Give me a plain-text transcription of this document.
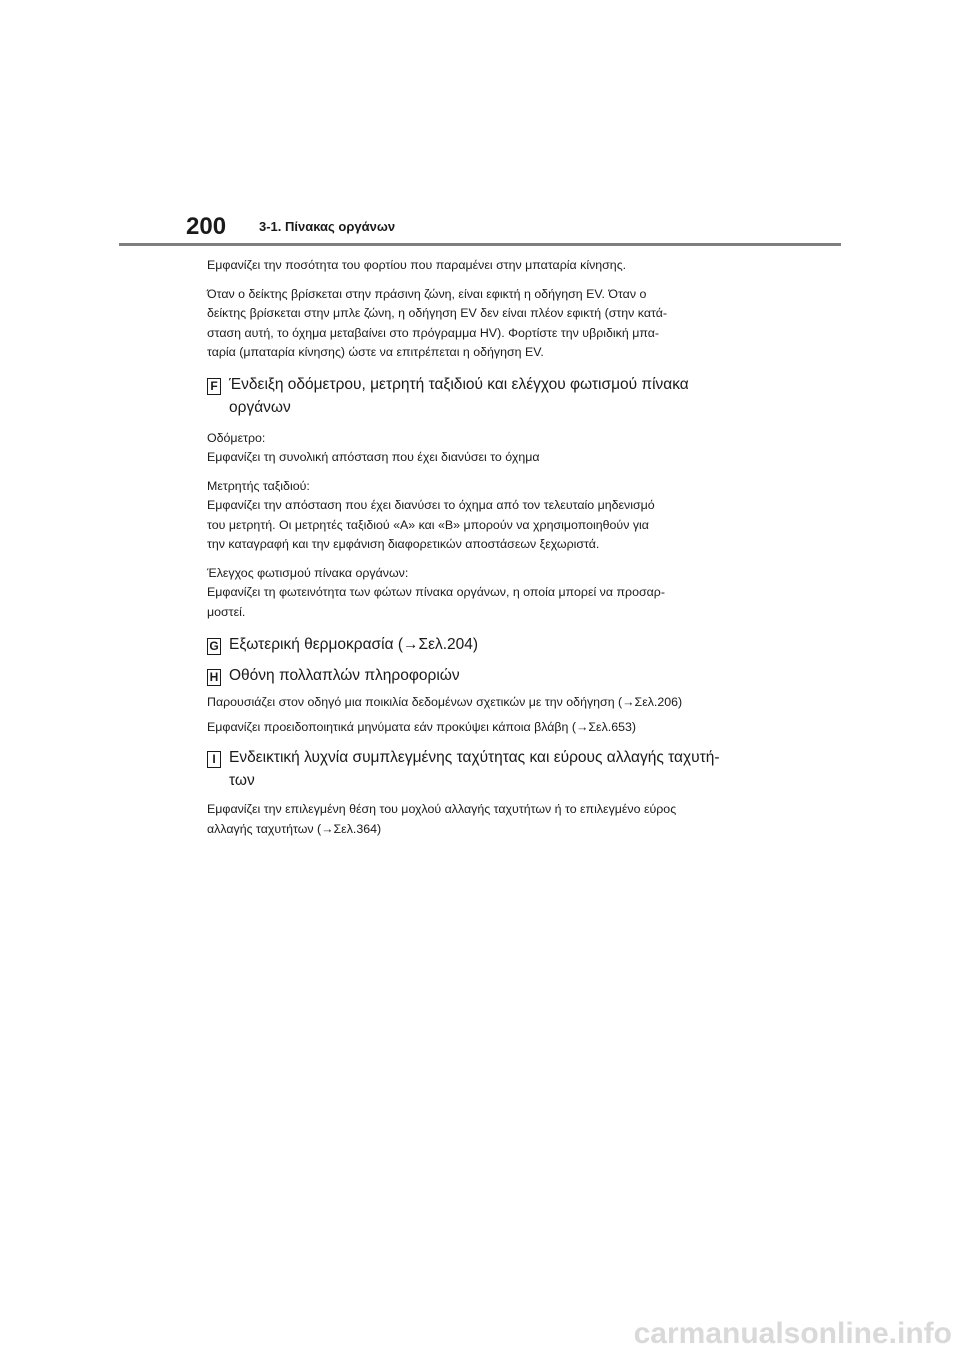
200	3-1. Πίνακας οργάνων

Εμφανίζει την ποσότητα του φορτίου που παραμένει στην μπαταρία κίνησης.

Όταν ο δείκτης βρίσκεται στην πράσινη ζώνη, είναι εφικτή η οδήγηση EV. Όταν ο
δείκτης βρίσκεται στην μπλε ζώνη, η οδήγηση EV δεν είναι πλέον εφικτή (στην κατά-
σταση αυτή, το όχημα μεταβαίνει στο πρόγραμμα HV). Φορτίστε την υβριδική μπα-
ταρία (μπαταρία κίνησης) ώστε να επιτρέπεται η οδήγηση EV.

F Ένδειξη οδόμετρου, μετρητή ταξιδιού και ελέγχου φωτισμού πίνακα
οργάνων

Οδόμετρο:
Εμφανίζει τη συνολική απόσταση που έχει διανύσει το όχημα

Μετρητής ταξιδιού:
Εμφανίζει την απόσταση που έχει διανύσει το όχημα από τον τελευταίο μηδενισμό
του μετρητή. Οι μετρητές ταξιδιού «A» και «B» μπορούν να χρησιμοποιηθούν για
την καταγραφή και την εμφάνιση διαφορετικών αποστάσεων ξεχωριστά.

Έλεγχος φωτισμού πίνακα οργάνων:
Εμφανίζει τη φωτεινότητα των φώτων πίνακα οργάνων, η οποία μπορεί να προσαρ-
μοστεί.

G Εξωτερική θερμοκρασία (→Σελ.204)
H Οθόνη πολλαπλών πληροφοριών

Παρουσιάζει στον οδηγό μια ποικιλία δεδομένων σχετικών με την οδήγηση (→Σελ.206)

Εμφανίζει προειδοποιητικά μηνύματα εάν προκύψει κάποια βλάβη (→Σελ.653)

I Ενδεικτική λυχνία συμπλεγμένης ταχύτητας και εύρους αλλαγής ταχυτή-
των

Εμφανίζει την επιλεγμένη θέση του μοχλού αλλαγής ταχυτήτων ή το επιλεγμένο εύρος
αλλαγής ταχυτήτων (→Σελ.364)

carmanualsonline.info
